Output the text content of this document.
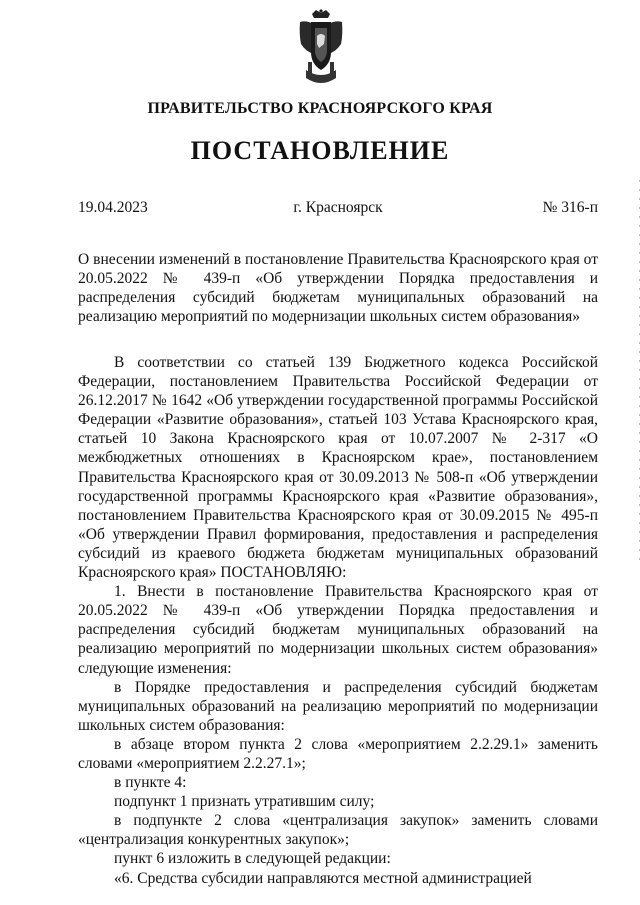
ПРАВИТЕЛЬСТВО КРАСНОЯРСКОГО КРАЯ
ПОСТАНОВЛЕНИЕ
19.04.2023	г. Красноярск	№ 316-п
О внесении изменений в постановление Правительства Красноярского края от 20.05.2022 № 439-п «Об утверждении Порядка предоставления и распределения субсидий бюджетам муниципальных образований на реализацию мероприятий по модернизации школьных систем образования»

В соответствии со статьей 139 Бюджетного кодекса Российской Федерации, постановлением Правительства Российской Федерации от 26.12.2017 № 1642 «Об утверждении государственной программы Российской Федерации «Развитие образования», статьей 103 Устава Красноярского края, статьей 10 Закона Красноярского края от 10.07.2007 № 2-317 «О межбюджетных отношениях в Красноярском крае», постановлением Правительства Красноярского края от 30.09.2013 № 508-п «Об утверждении государственной программы Красноярского края «Развитие образования», постановлением Правительства Красноярского края от 30.09.2015 № 495-п «Об утверждении Правил формирования, предоставления и распределения субсидий из краевого бюджета бюджетам муниципальных образований Красноярского края» ПОСТАНОВЛЯЮ:

1. Внести в постановление Правительства Красноярского края от 20.05.2022 № 439-п «Об утверждении Порядка предоставления и распределения субсидий бюджетам муниципальных образований на реализацию мероприятий по модернизации школьных систем образования» следующие изменения:

в Порядке предоставления и распределения субсидий бюджетам муниципальных образований на реализацию мероприятий по модернизации школьных систем образования:

в абзаце втором пункта 2 слова «мероприятием 2.2.29.1» заменить словами «мероприятием 2.2.27.1»;

в пункте 4:

подпункт 1 признать утратившим силу;

в подпункте 2 слова «централизация закупок» заменить словами «централизация конкурентных закупок»;

пункт 6 изложить в следующей редакции:

«6. Средства субсидии направляются местной администрацией
